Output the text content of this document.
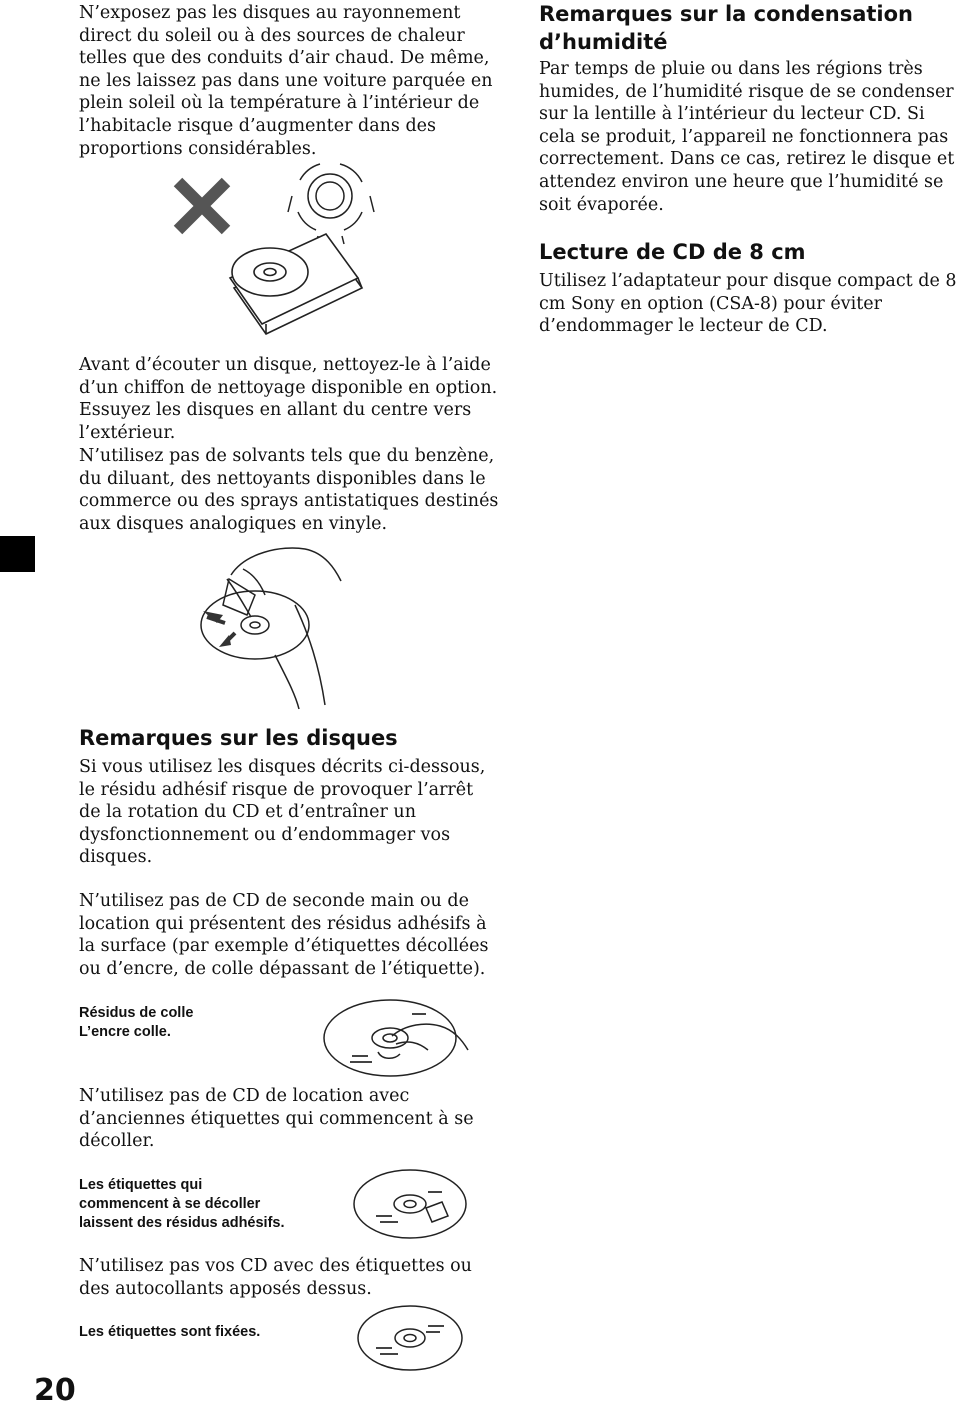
N’exposez pas les disques au rayonnement direct du soleil ou à des sources de chaleur telles que des conduits d’air chaud. De même, ne les laissez pas dans une voiture parquée en plein soleil où la température à l’intérieur de l’habitacle risque d’augmenter dans des proportions considérables.

Avant d’écouter un disque, nettoyez-le à l’aide d’un chiffon de nettoyage disponible en option. Essuyez les disques en allant du centre vers l’extérieur.

N’utilisez pas de solvants tels que du benzène, du diluant, des nettoyants disponibles dans le commerce ou des sprays antistatiques destinés aux disques analogiques en vinyle.

Remarques sur la condensation d’humidité

Par temps de pluie ou dans les régions très humides, de l’humidité risque de se condenser sur la lentille à l’intérieur du lecteur CD. Si cela se produit, l’appareil ne fonctionnera pas correctement. Dans ce cas, retirez le disque et attendez environ une heure que l’humidité se soit évaporée.

Lecture de CD de 8 cm

Utilisez l’adaptateur pour disque compact de 8 cm Sony en option (CSA-8) pour éviter d’endommager le lecteur de CD.

Remarques sur les disques

Si vous utilisez les disques décrits ci-dessous, le résidu adhésif risque de provoquer l’arrêt de la rotation du CD et d’entraîner un dysfonctionnement ou d’endommager vos disques.

N’utilisez pas de CD de seconde main ou de location qui présentent des résidus adhésifs à la surface (par exemple d’étiquettes décollées ou d’encre, de colle dépassant de l’étiquette).

Résidus de colle
L’encre colle.

N’utilisez pas de CD de location avec d’anciennes étiquettes qui commencent à se décoller.

Les étiquettes qui
commencent à se décoller
laissent des résidus adhésifs.

N’utilisez pas vos CD avec des étiquettes ou des autocollants apposés dessus.

Les étiquettes sont fixées.
20
